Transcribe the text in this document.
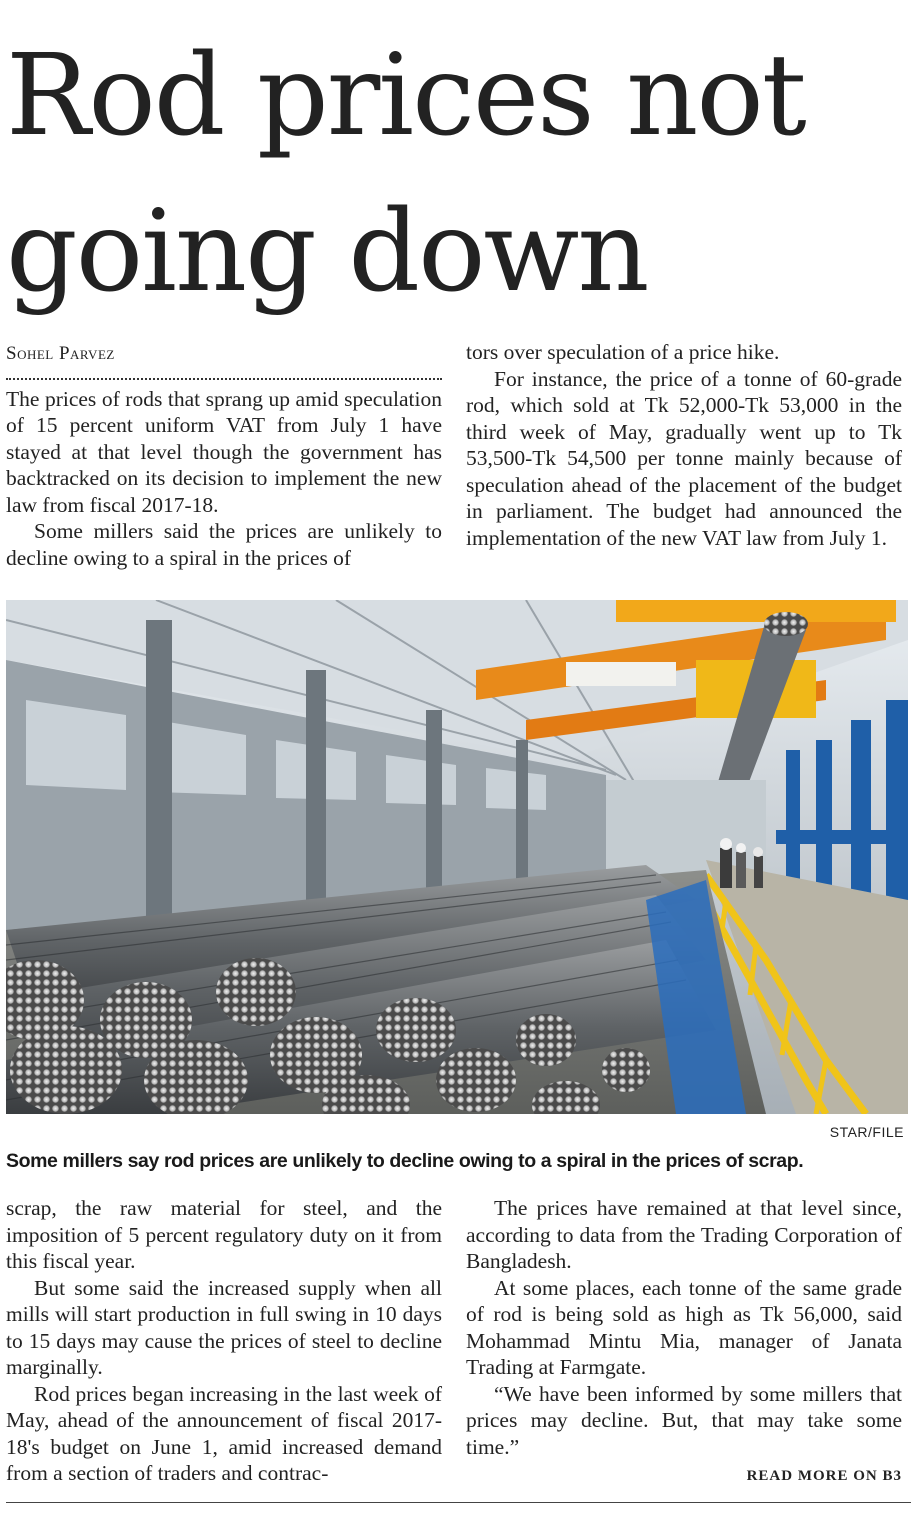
Rod prices not
going down
Sohel Parvez

The prices of rods that sprang up amid speculation of 15 percent uniform VAT from July 1 have stayed at that level though the government has backtracked on its decision to implement the new law from fiscal 2017-18.

Some millers said the prices are unlikely to decline owing to a spiral in the prices of

tors over speculation of a price hike.

For instance, the price of a tonne of 60-grade rod, which sold at Tk 52,000-Tk 53,000 in the third week of May, gradually went up to Tk 53,500-Tk 54,500 per tonne mainly because of speculation ahead of the placement of the budget in parliament. The budget had announced the implementation of the new VAT law from July 1.

STAR/FILE

Some millers say rod prices are unlikely to decline owing to a spiral in the prices of scrap.

scrap, the raw material for steel, and the imposition of 5 percent regulatory duty on it from this fiscal year.

But some said the increased supply when all mills will start production in full swing in 10 days to 15 days may cause the prices of steel to decline marginally.

Rod prices began increasing in the last week of May, ahead of the announcement of fiscal 2017-18's budget on June 1, amid increased demand from a section of traders and contrac-

The prices have remained at that level since, according to data from the Trading Corporation of Bangladesh.

At some places, each tonne of the same grade of rod is being sold as high as Tk 56,000, said Mohammad Mintu Mia, manager of Janata Trading at Farmgate.

“We have been informed by some millers that prices may decline. But, that may take some time.”

READ MORE ON B3
